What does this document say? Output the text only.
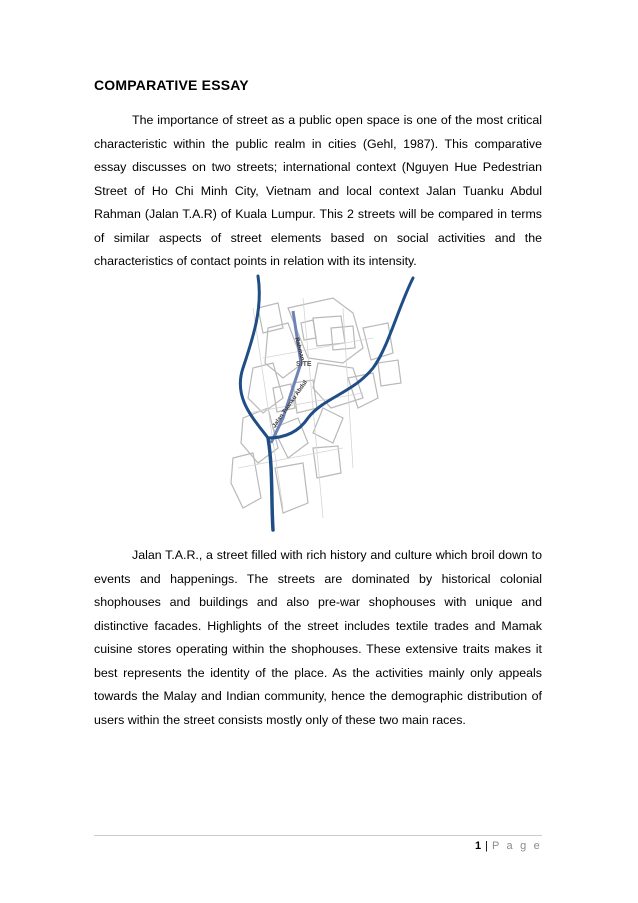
COMPARATIVE ESSAY

The importance of street as a public open space is one of the most critical characteristic within the public realm in cities (Gehl, 1987). This comparative essay discusses on two streets; international context (Nguyen Hue Pedestrian Street of Ho Chi Minh City, Vietnam and local context Jalan Tuanku Abdul Rahman (Jalan T.A.R) of Kuala Lumpur. This 2 streets will be compared in terms of similar aspects of street elements based on social activities and the characteristics of contact points in relation with its intensity.

SITE
Jalan Tuanku Abdul
Rahman

Jalan T.A.R., a street filled with rich history and culture which broil down to events and happenings. The streets are dominated by historical colonial shophouses and buildings and also pre-war shophouses with unique and distinctive facades. Highlights of the street includes textile trades and Mamak cuisine stores operating within the shophouses. These extensive traits makes it best represents the identity of the place. As the activities mainly only appeals towards the Malay and Indian community, hence the demographic distribution of users within the street consists mostly only of these two main races.

1 | P a g e
